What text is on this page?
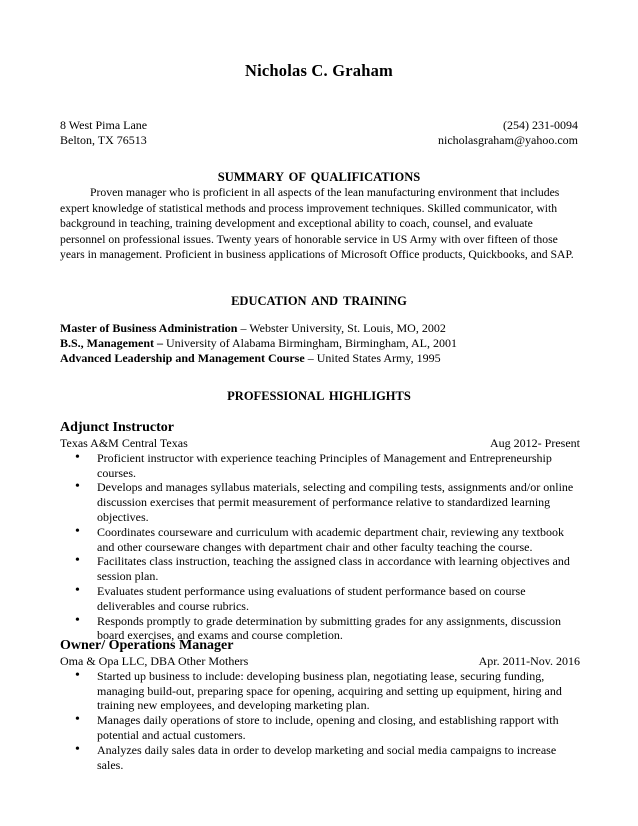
Nicholas C. Graham
8 West Pima Lane	(254) 231-0094
Belton, TX 76513	nicholasgraham@yahoo.com
SUMMARY OF QUALIFICATIONS

Proven manager who is proficient in all aspects of the lean manufacturing environment that includes expert knowledge of statistical methods and process improvement techniques. Skilled communicator, with background in teaching, training development and exceptional ability to coach, counsel, and evaluate personnel on professional issues. Twenty years of honorable service in US Army with over fifteen of those years in management. Proficient in business applications of Microsoft Office products, Quickbooks, and SAP.

EDUCATION AND TRAINING
Master of Business Administration – Webster University, St. Louis, MO, 2002
B.S., Management – University of Alabama Birmingham, Birmingham, AL, 2001
Advanced Leadership and Management Course – United States Army, 1995
PROFESSIONAL HIGHLIGHTS
Adjunct Instructor
Texas A&M Central Texas	Aug 2012- Present
• Proficient instructor with experience teaching Principles of Management and Entrepreneurship courses.
• Develops and manages syllabus materials, selecting and compiling tests, assignments and/or online discussion exercises that permit measurement of performance relative to standardized learning objectives.
• Coordinates courseware and curriculum with academic department chair, reviewing any textbook and other courseware changes with department chair and other faculty teaching the course.
• Facilitates class instruction, teaching the assigned class in accordance with learning objectives and session plan.
• Evaluates student performance using evaluations of student performance based on course deliverables and course rubrics.
• Responds promptly to grade determination by submitting grades for any assignments, discussion board exercises, and exams and course completion.
Owner/ Operations Manager
Oma & Opa LLC, DBA Other Mothers	Apr. 2011-Nov. 2016
• Started up business to include: developing business plan, negotiating lease, securing funding, managing build-out, preparing space for opening, acquiring and setting up equipment, hiring and training new employees, and developing marketing plan.
• Manages daily operations of store to include, opening and closing, and establishing rapport with potential and actual customers.
• Analyzes daily sales data in order to develop marketing and social media campaigns to increase sales.
